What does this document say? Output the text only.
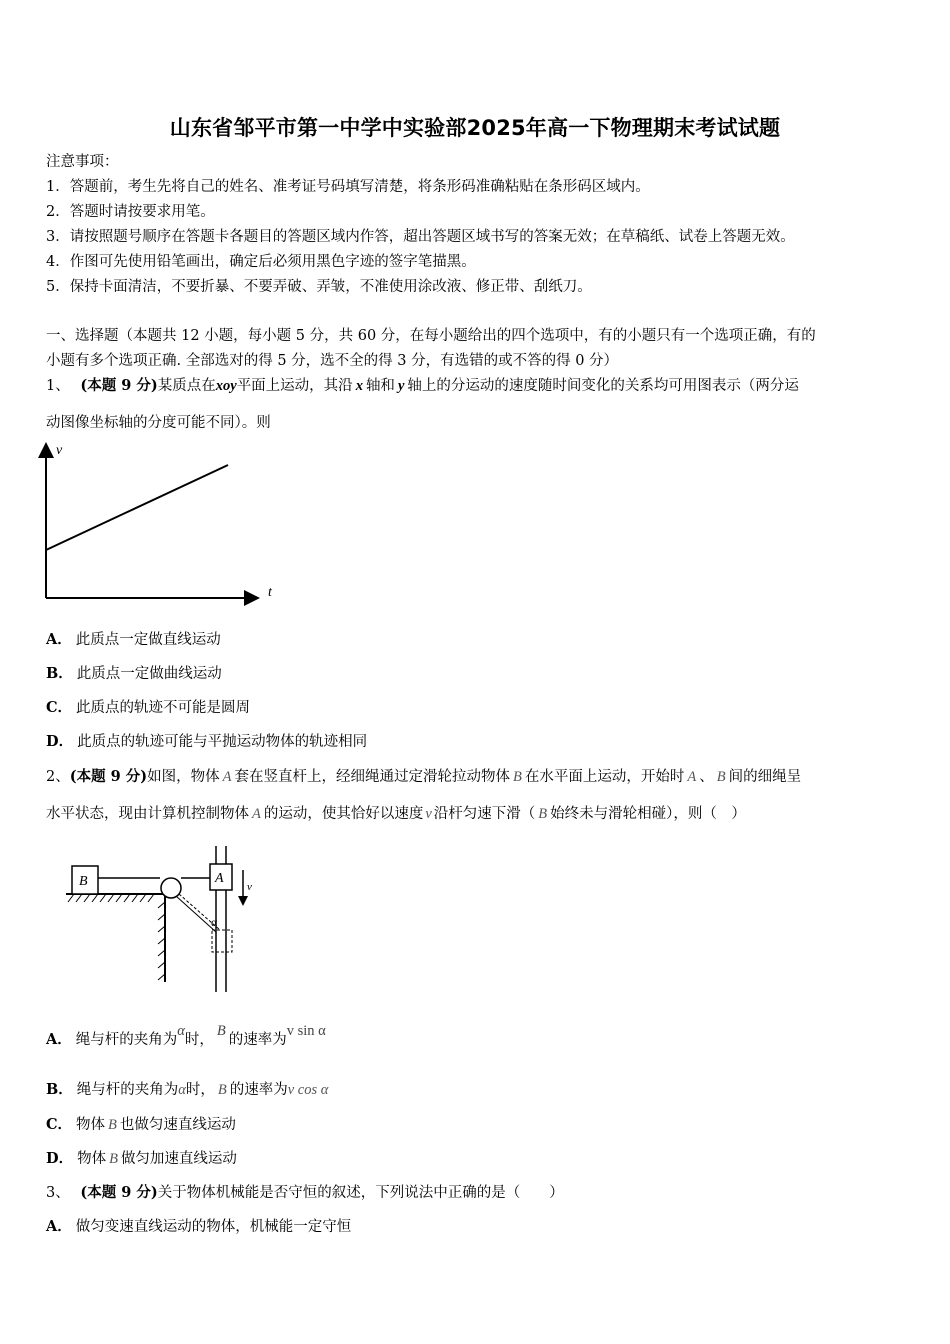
山东省邹平市第一中学中实验部2025年高一下物理期末考试试题
注意事项：
1．答题前，考生先将自己的姓名、准考证号码填写清楚，将条形码准确粘贴在条形码区域内。
2．答题时请按要求用笔。
3．请按照题号顺序在答题卡各题目的答题区域内作答，超出答题区域书写的答案无效；在草稿纸、试卷上答题无效。
4．作图可先使用铅笔画出，确定后必须用黑色字迹的签字笔描黑。
5．保持卡面清洁，不要折暴、不要弄破、弄皱，不准使用涂改液、修正带、刮纸刀。
一、选择题（本题共 12 小题，每小题 5 分，共 60 分，在每小题给出的四个选项中，有的小题只有一个选项正确，有的
小题有多个选项正确. 全部选对的得 5 分，选不全的得 3 分，有选错的或不答的得 0 分）
1、 (本题 9 分)某质点在xoy平面上运动，其沿 x 轴和 y 轴上的分运动的速度随时间变化的关系均可用图表示（两分运
动图像坐标轴的分度可能不同）。则
v
t
A． 此质点一定做直线运动
B． 此质点一定做曲线运动
C． 此质点的轨迹不可能是圆周
D． 此质点的轨迹可能与平抛运动物体的轨迹相同
2、(本题 9 分)如图，物体 A 套在竖直杆上，经细绳通过定滑轮拉动物体 B 在水平面上运动，开始时 A 、 B 间的细绳呈
水平状态，现由计算机控制物体 A 的运动，使其恰好以速度 v 沿杆匀速下滑（ B 始终未与滑轮相碰），则（　）
B	A
v
α
A． 绳与杆的夹角为α时，B的速率为v sin α
B． 绳与杆的夹角为α时， B 的速率为v cos α
C． 物体 B 也做匀速直线运动
D． 物体 B 做匀加速直线运动
3、 (本题 9 分)关于物体机械能是否守恒的叙述，下列说法中正确的是（　　）
A． 做匀变速直线运动的物体，机械能一定守恒
